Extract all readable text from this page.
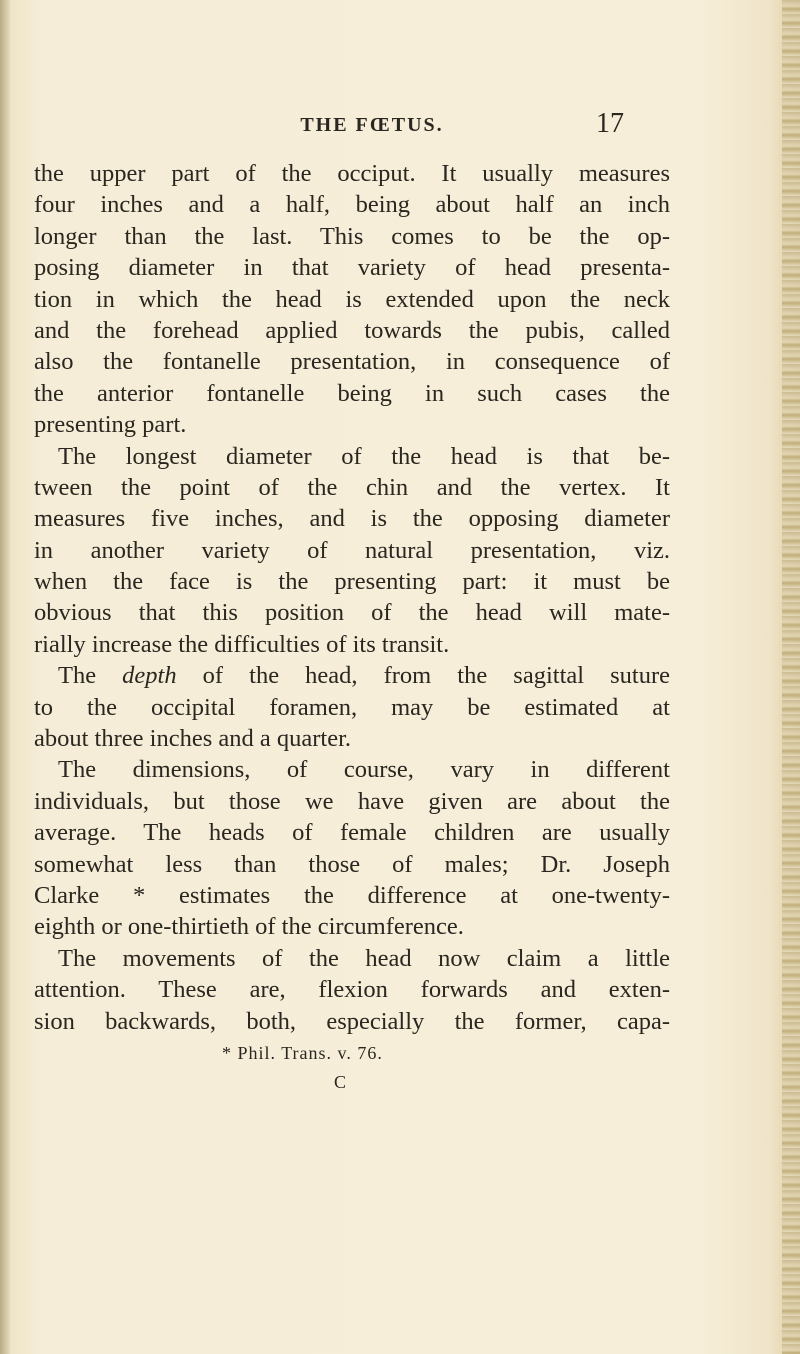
THE FŒTUS.	17
the upper part of the occiput. It usually measures
four inches and a half, being about half an inch
longer than the last. This comes to be the op-
posing diameter in that variety of head presenta-
tion in which the head is extended upon the neck
and the forehead applied towards the pubis, called
also the fontanelle presentation, in consequence of
the anterior fontanelle being in such cases the
presenting part.
The longest diameter of the head is that be-
tween the point of the chin and the vertex. It
measures five inches, and is the opposing diameter
in another variety of natural presentation, viz.
when the face is the presenting part: it must be
obvious that this position of the head will mate-
rially increase the difficulties of its transit.
The depth of the head, from the sagittal suture
to the occipital foramen, may be estimated at
about three inches and a quarter.
The dimensions, of course, vary in different
individuals, but those we have given are about the
average. The heads of female children are usually
somewhat less than those of males; Dr. Joseph
Clarke * estimates the difference at one-twenty-
eighth or one-thirtieth of the circumference.
The movements of the head now claim a little
attention. These are, flexion forwards and exten-
sion backwards, both, especially the former, capa-
* Phil. Trans. v. 76.
C
